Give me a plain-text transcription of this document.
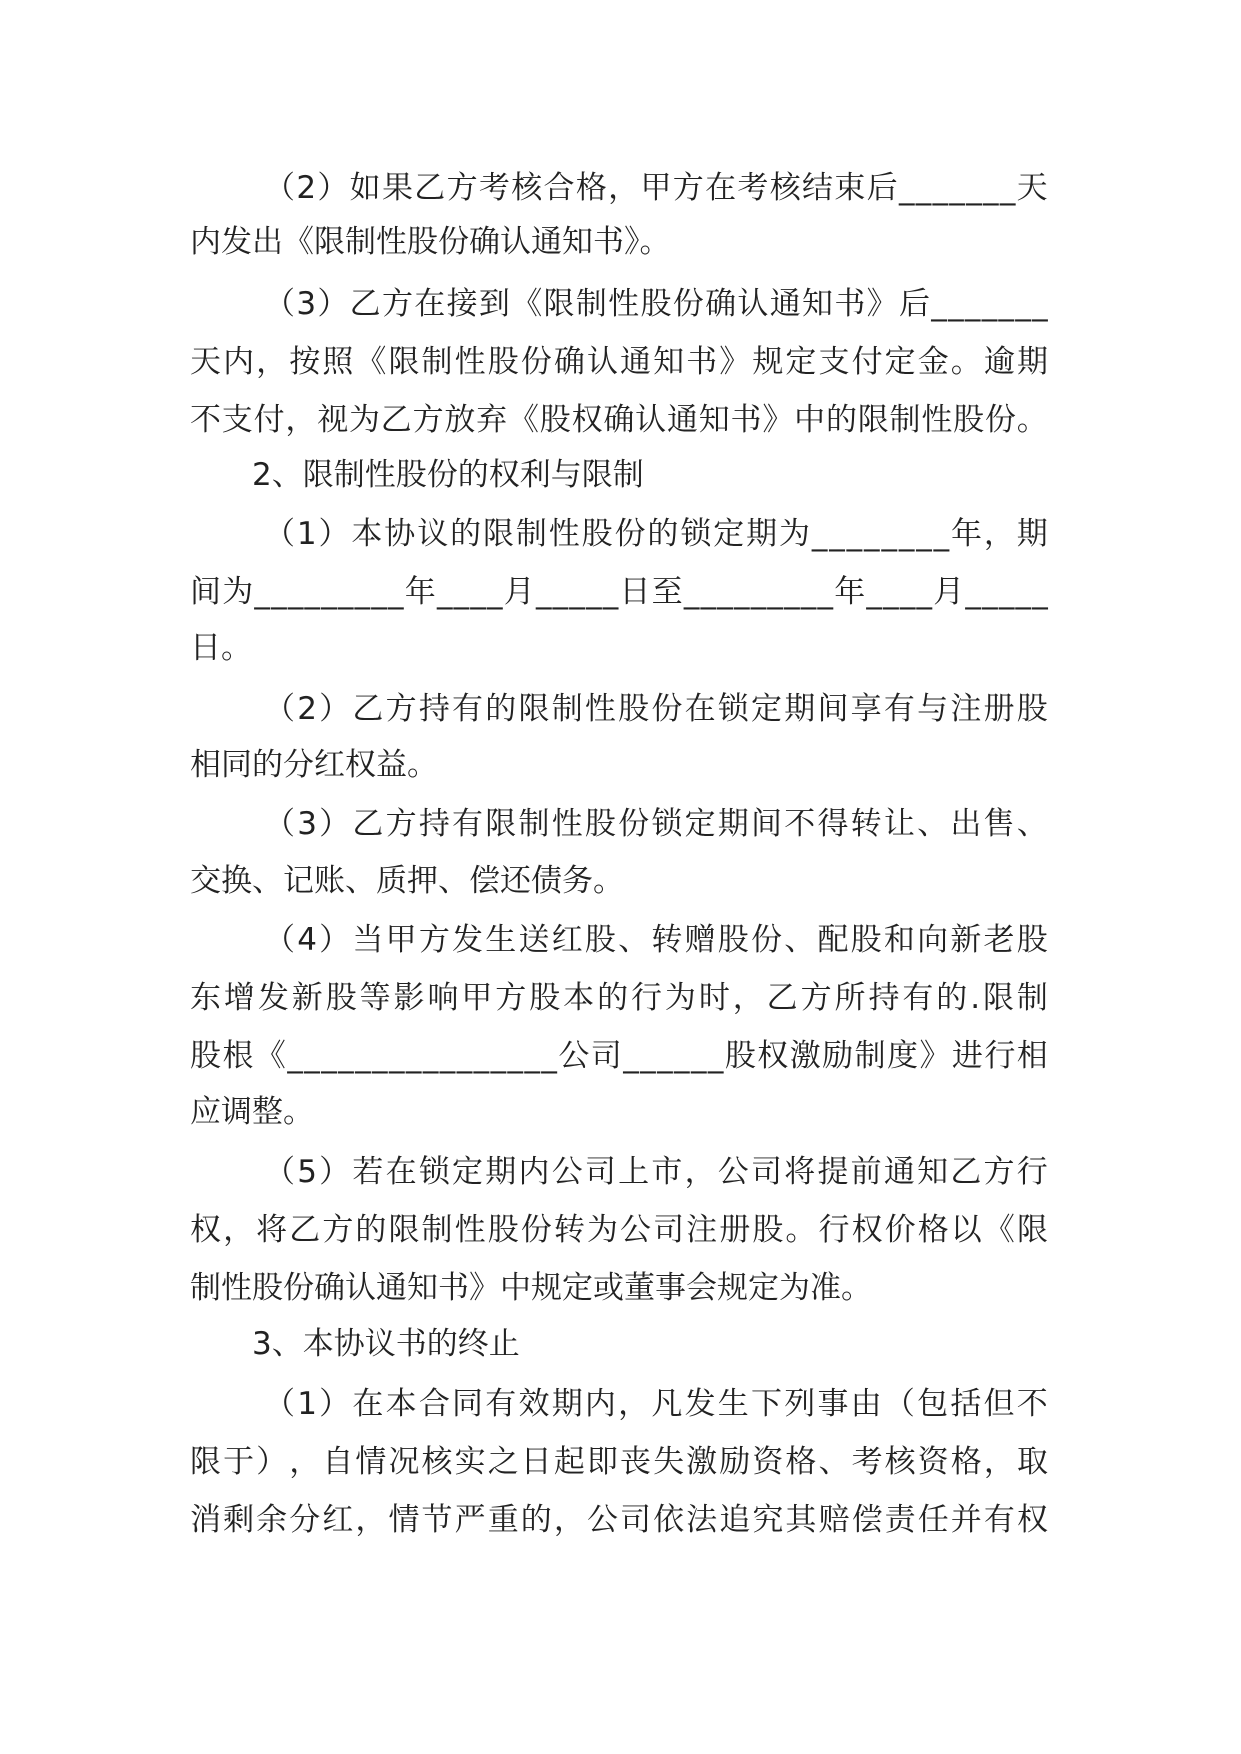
（ 2 ） 如 果 乙 方 考 核 合 格 ， 甲 方 在 考 核 结 束 后 _ _ _ _ _ _ _ 天
内发出《限制性股份确认通知书》。
（ 3 ） 乙 方 在 接 到 《 限 制 性 股 份 确 认 通 知 书 》 后 _ _ _ _ _ _ _
天 内 ， 按 照 《 限 制 性 股 份 确 认 通 知 书 》 规 定 支 付 定 金 。 逾 期
不 支 付 ， 视 为 乙 方 放 弃 《 股 权 确 认 通 知 书 》 中 的 限 制 性 股 份 。
2、限制性股份的权利与限制
（ 1 ） 本 协 议 的 限 制 性 股 份 的 锁 定 期 为 _ _ _ _ _ _ _ _ 年 ， 期
间 为 _ _ _ _ _ _ _ _ _ 年 _ _ _ _ 月 _ _ _ _ _ 日 至 _ _ _ _ _ _ _ _ _ 年 _ _ _ _ 月 _ _ _ _ _
日。
（ 2 ） 乙 方 持 有 的 限 制 性 股 份 在 锁 定 期 间 享 有 与 注 册 股
相同的分红权益。
（ 3 ） 乙 方 持 有 限 制 性 股 份 锁 定 期 间 不 得 转 让 、 出 售 、
交换、记账、质押、偿还债务。
（ 4 ） 当 甲 方 发 生 送 红 股 、 转 赠 股 份 、 配 股 和 向 新 老 股
东 增 发 新 股 等 影 响 甲 方 股 本 的 行 为 时 ， 乙 方 所 持 有 的 . 限 制
股 根 《 _ _ _ _ _ _ _ _ _ _ _ _ _ _ _ _ 公 司 _ _ _ _ _ _ 股 权 激 励 制 度 》 进 行 相
应调整。
（ 5 ） 若 在 锁 定 期 内 公 司 上 市 ， 公 司 将 提 前 通 知 乙 方 行
权 ， 将 乙 方 的 限 制 性 股 份 转 为 公 司 注 册 股 。 行 权 价 格 以 《 限
制性股份确认通知书》中规定或董事会规定为准。
3、本协议书的终止
（ 1 ） 在 本 合 同 有 效 期 内 ， 凡 发 生 下 列 事 由 （ 包 括 但 不
限 于 ） ， 自 情 况 核 实 之 日 起 即 丧 失 激 励 资 格 、 考 核 资 格 ， 取
消 剩 余 分 红 ， 情 节 严 重 的 ， 公 司 依 法 追 究 其 赔 偿 责 任 并 有 权
